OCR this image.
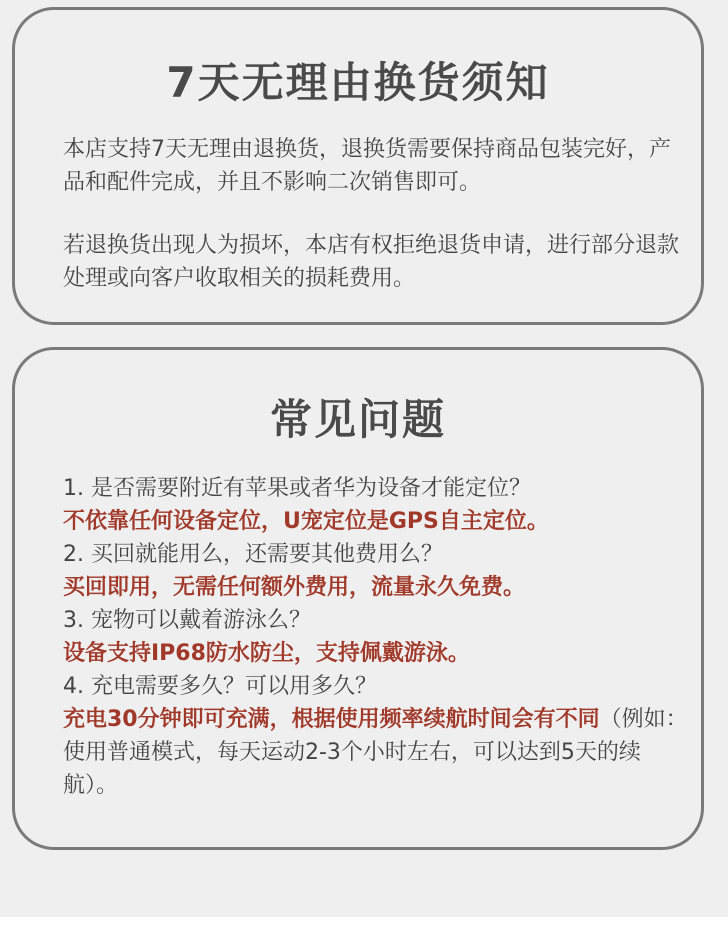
7天无理由换货须知

本店支持7天无理由退换货，退换货需要保持商品包装完好，产品和配件完成，并且不影响二次销售即可。

若退换货出现人为损坏，本店有权拒绝退货申请，进行部分退款处理或向客户收取相关的损耗费用。

常见问题
1. 是否需要附近有苹果或者华为设备才能定位？
不依靠任何设备定位，U宠定位是GPS自主定位。
2. 买回就能用么，还需要其他费用么？
买回即用，无需任何额外费用，流量永久免费。
3. 宠物可以戴着游泳么？
设备支持IP68防水防尘，支持佩戴游泳。
4. 充电需要多久？可以用多久？
充电30分钟即可充满，根据使用频率续航时间会有不同（例如：使用普通模式，每天运动2-3个小时左右，可以达到5天的续航）。
